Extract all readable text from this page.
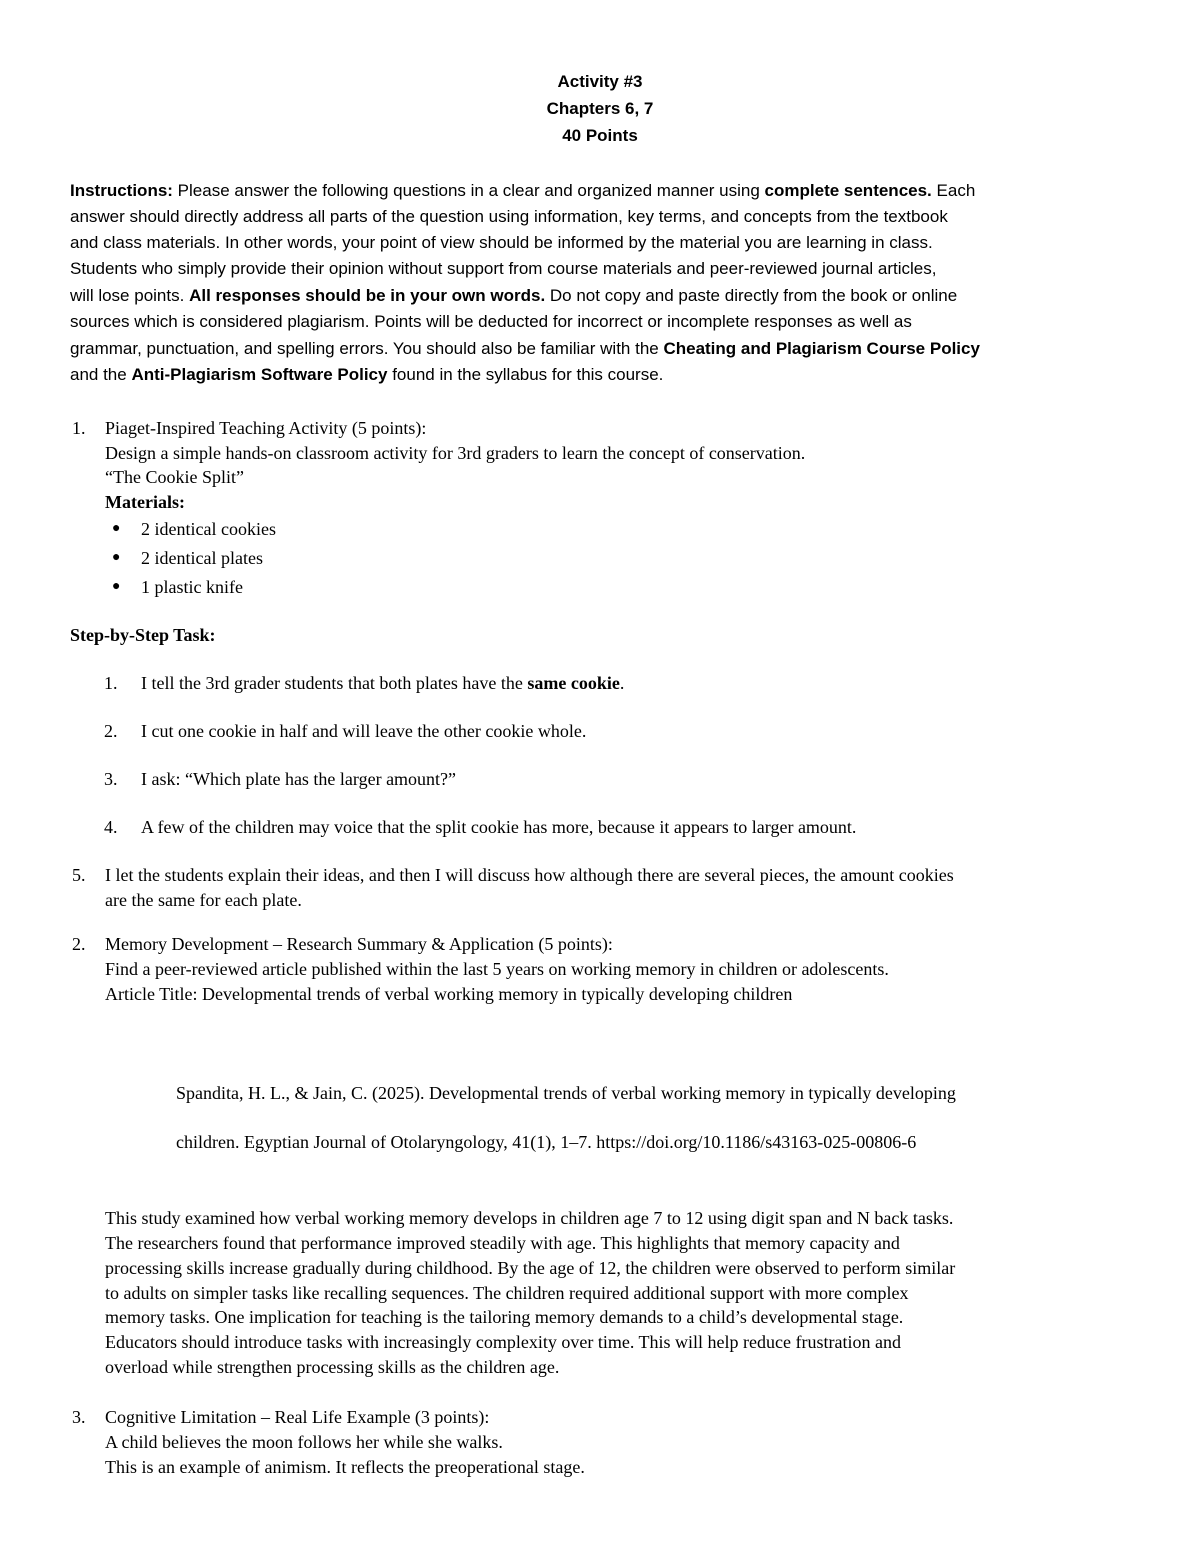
Activity #3
Chapters 6, 7
40 Points
Instructions: Please answer the following questions in a clear and organized manner using complete sentences. Each
answer should directly address all parts of the question using information, key terms, and concepts from the textbook
and class materials. In other words, your point of view should be informed by the material you are learning in class.
Students who simply provide their opinion without support from course materials and peer-reviewed journal articles,
will lose points. All responses should be in your own words. Do not copy and paste directly from the book or online
sources which is considered plagiarism. Points will be deducted for incorrect or incomplete responses as well as
grammar, punctuation, and spelling errors. You should also be familiar with the Cheating and Plagiarism Course Policy
and the Anti-Plagiarism Software Policy found in the syllabus for this course.
1. Piaget-Inspired Teaching Activity (5 points):
Design a simple hands-on classroom activity for 3rd graders to learn the concept of conservation.
“The Cookie Split”
Materials:
● 2 identical cookies
● 2 identical plates
● 1 plastic knife
Step-by-Step Task:
1. I tell the 3rd grader students that both plates have the same cookie.
2. I cut one cookie in half and will leave the other cookie whole.
3. I ask: “Which plate has the larger amount?”
4. A few of the children may voice that the split cookie has more, because it appears to larger amount.
5. I let the students explain their ideas, and then I will discuss how although there are several pieces, the amount cookies
are the same for each plate.
2. Memory Development – Research Summary & Application (5 points):
Find a peer-reviewed article published within the last 5 years on working memory in children or adolescents.
Article Title: Developmental trends of verbal working memory in typically developing children
Spandita, H. L., & Jain, C. (2025). Developmental trends of verbal working memory in typically developing
children. Egyptian Journal of Otolaryngology, 41(1), 1–7. https://doi.org/10.1186/s43163-025-00806-6
This study examined how verbal working memory develops in children age 7 to 12 using digit span and N back tasks.
The researchers found that performance improved steadily with age. This highlights that memory capacity and
processing skills increase gradually during childhood. By the age of 12, the children were observed to perform similar
to adults on simpler tasks like recalling sequences. The children required additional support with more complex
memory tasks. One implication for teaching is the tailoring memory demands to a child’s developmental stage.
Educators should introduce tasks with increasingly complexity over time. This will help reduce frustration and
overload while strengthen processing skills as the children age.
3. Cognitive Limitation – Real Life Example (3 points):
A child believes the moon follows her while she walks.
This is an example of animism. It reflects the preoperational stage.
